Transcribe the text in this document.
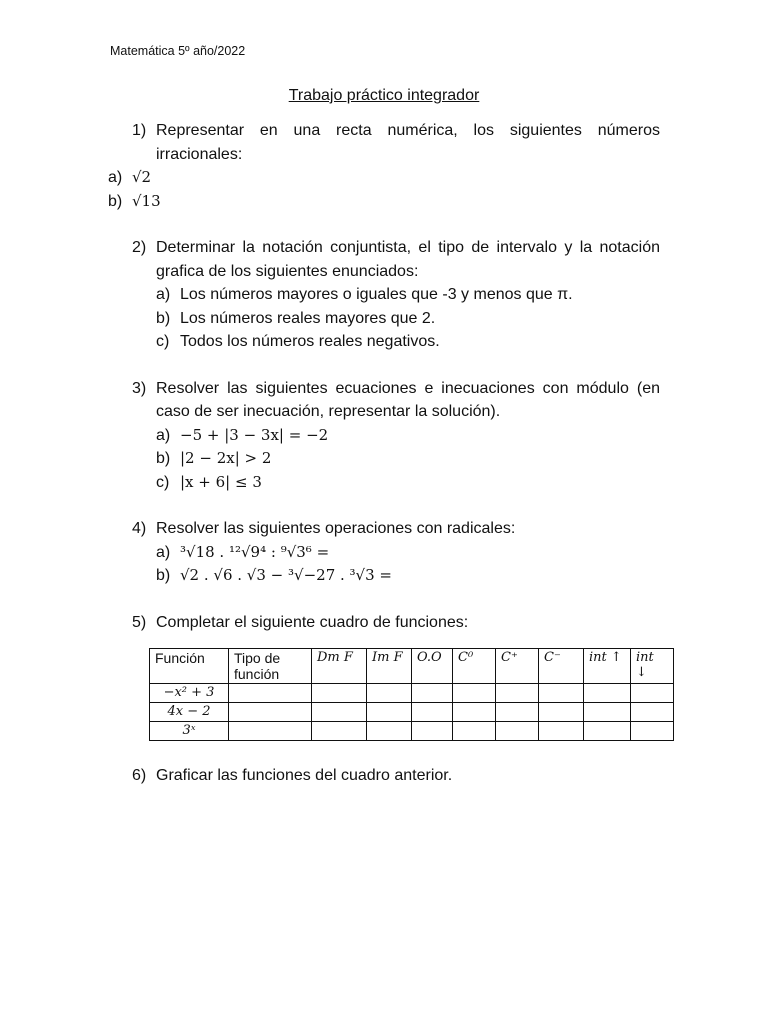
Matemática 5º año/2022
Trabajo práctico integrador
1) Representar en una recta numérica, los siguientes números irracionales:
a) √2
b) √13
2) Determinar la notación conjuntista, el tipo de intervalo y la notación grafica de los siguientes enunciados:
a) Los números mayores o iguales que -3 y menos que π.
b) Los números reales mayores que 2.
c) Todos los números reales negativos.
3) Resolver las siguientes ecuaciones e inecuaciones con módulo (en caso de ser inecuación, representar la solución).
a) −5 + |3 − 3x| = −2
b) |2 − 2x| > 2
c) |x + 6| ≤ 3
4) Resolver las siguientes operaciones con radicales:
a) ³√18 . ¹²√9⁴ : ⁹√3⁶ =
b) √2 . √6 . √3 − ³√−27 . ³√3 =
5) Completar el siguiente cuadro de funciones:
Función	Tipo de función	Dm F	Im F	O.O	C⁰	C⁺	C⁻	int ↑	int ↓
−x² + 3									
4x − 2									
3ˣ									
6) Graficar las funciones del cuadro anterior.
